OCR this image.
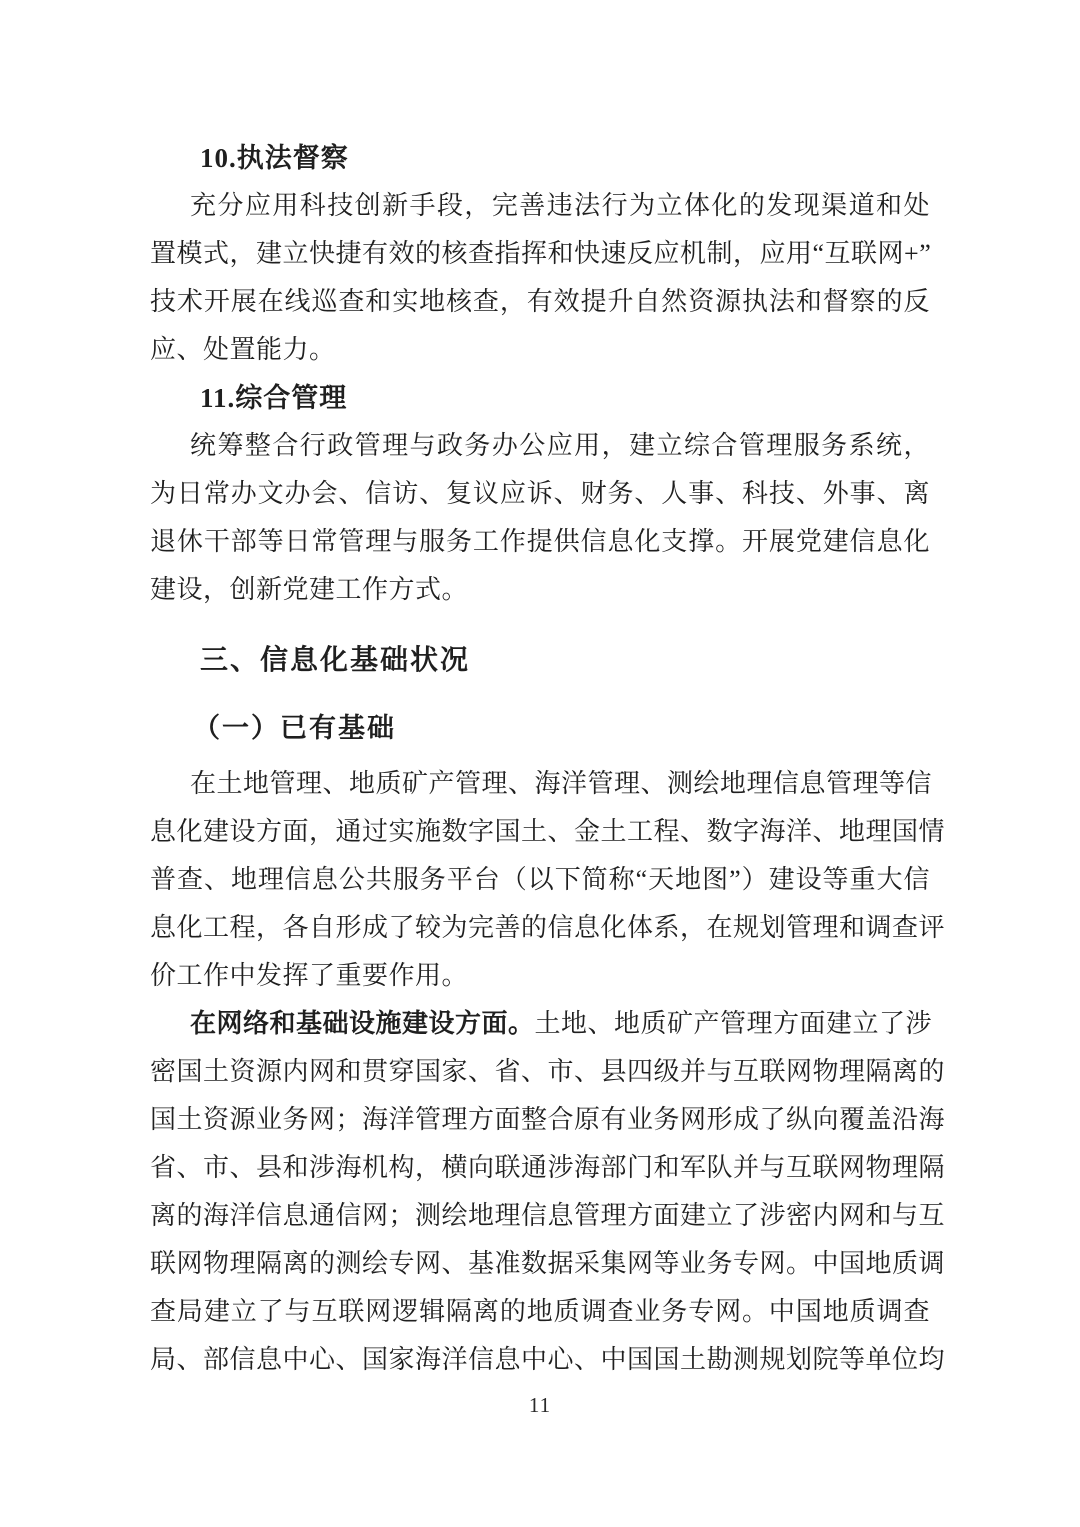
10.执法督察
充分应用科技创新手段，完善违法行为立体化的发现渠道和处
置模式，建立快捷有效的核查指挥和快速反应机制，应用“互联网+”
技术开展在线巡查和实地核查，有效提升自然资源执法和督察的反
应、处置能力。
11.综合管理
统筹整合行政管理与政务办公应用，建立综合管理服务系统，
为日常办文办会、信访、复议应诉、财务、人事、科技、外事、离
退休干部等日常管理与服务工作提供信息化支撑。开展党建信息化
建设，创新党建工作方式。
三、信息化基础状况
（一）已有基础
在土地管理、地质矿产管理、海洋管理、测绘地理信息管理等信
息化建设方面，通过实施数字国土、金土工程、数字海洋、地理国情
普查、地理信息公共服务平台（以下简称“天地图”）建设等重大信
息化工程，各自形成了较为完善的信息化体系，在规划管理和调查评
价工作中发挥了重要作用。
在网络和基础设施建设方面。土地、地质矿产管理方面建立了涉
密国土资源内网和贯穿国家、省、市、县四级并与互联网物理隔离的
国土资源业务网；海洋管理方面整合原有业务网形成了纵向覆盖沿海
省、市、县和涉海机构，横向联通涉海部门和军队并与互联网物理隔
离的海洋信息通信网；测绘地理信息管理方面建立了涉密内网和与互
联网物理隔离的测绘专网、基准数据采集网等业务专网。中国地质调
查局建立了与互联网逻辑隔离的地质调查业务专网。中国地质调查
局、部信息中心、国家海洋信息中心、中国国土勘测规划院等单位均
11
